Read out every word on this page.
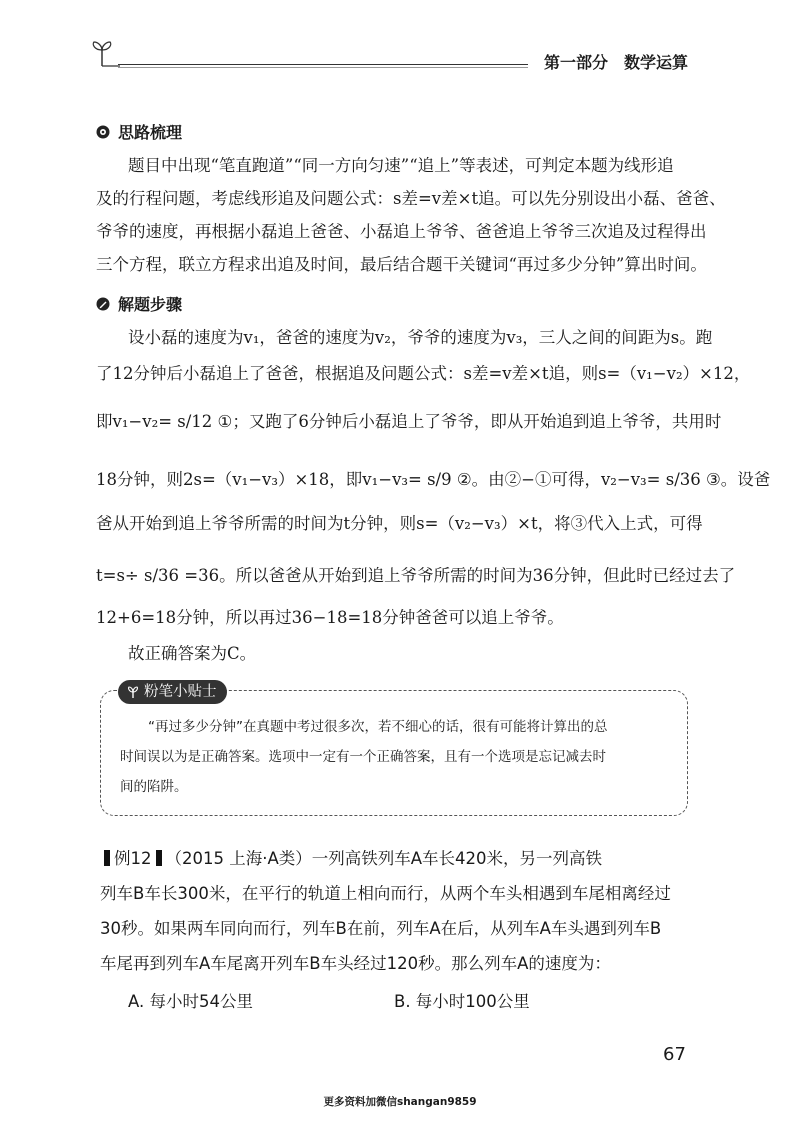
第一部分　数学运算
思路梳理
题目中出现“笔直跑道”“同一方向匀速”“追上”等表述，可判定本题为线形追
及的行程问题，考虑线形追及问题公式：s差=v差×t追。可以先分别设出小磊、爸爸、
爷爷的速度，再根据小磊追上爸爸、小磊追上爷爷、爸爸追上爷爷三次追及过程得出
三个方程，联立方程求出追及时间，最后结合题干关键词“再过多少分钟”算出时间。
解题步骤
设小磊的速度为v₁，爸爸的速度为v₂，爷爷的速度为v₃，三人之间的间距为s。跑
了12分钟后小磊追上了爸爸，根据追及问题公式：s差=v差×t追，则s=（v₁−v₂）×12，
即v₁−v₂= s/12 ①；又跑了6分钟后小磊追上了爷爷，即从开始追到追上爷爷，共用时
18分钟，则2s=（v₁−v₃）×18，即v₁−v₃= s/9 ②。由②−①可得，v₂−v₃= s/36 ③。设爸
爸从开始到追上爷爷所需的时间为t分钟，则s=（v₂−v₃）×t，将③代入上式，可得
t=s÷ s/36 =36。所以爸爸从开始到追上爷爷所需的时间为36分钟，但此时已经过去了
12+6=18分钟，所以再过36−18=18分钟爸爸可以追上爷爷。
故正确答案为C。
粉笔小贴士
“再过多少分钟”在真题中考过很多次，若不细心的话，很有可能将计算出的总
时间误以为是正确答案。选项中一定有一个正确答案，且有一个选项是忘记减去时
间的陷阱。
例12 （2015 上海·A类）一列高铁列车A车长420米，另一列高铁
列车B车长300米，在平行的轨道上相向而行，从两个车头相遇到车尾相离经过
30秒。如果两车同向而行，列车B在前，列车A在后，从列车A车头遇到列车B
车尾再到列车A车尾离开列车B车头经过120秒。那么列车A的速度为：
A. 每小时54公里	B. 每小时100公里
67
更多资料加微信shangan9859
